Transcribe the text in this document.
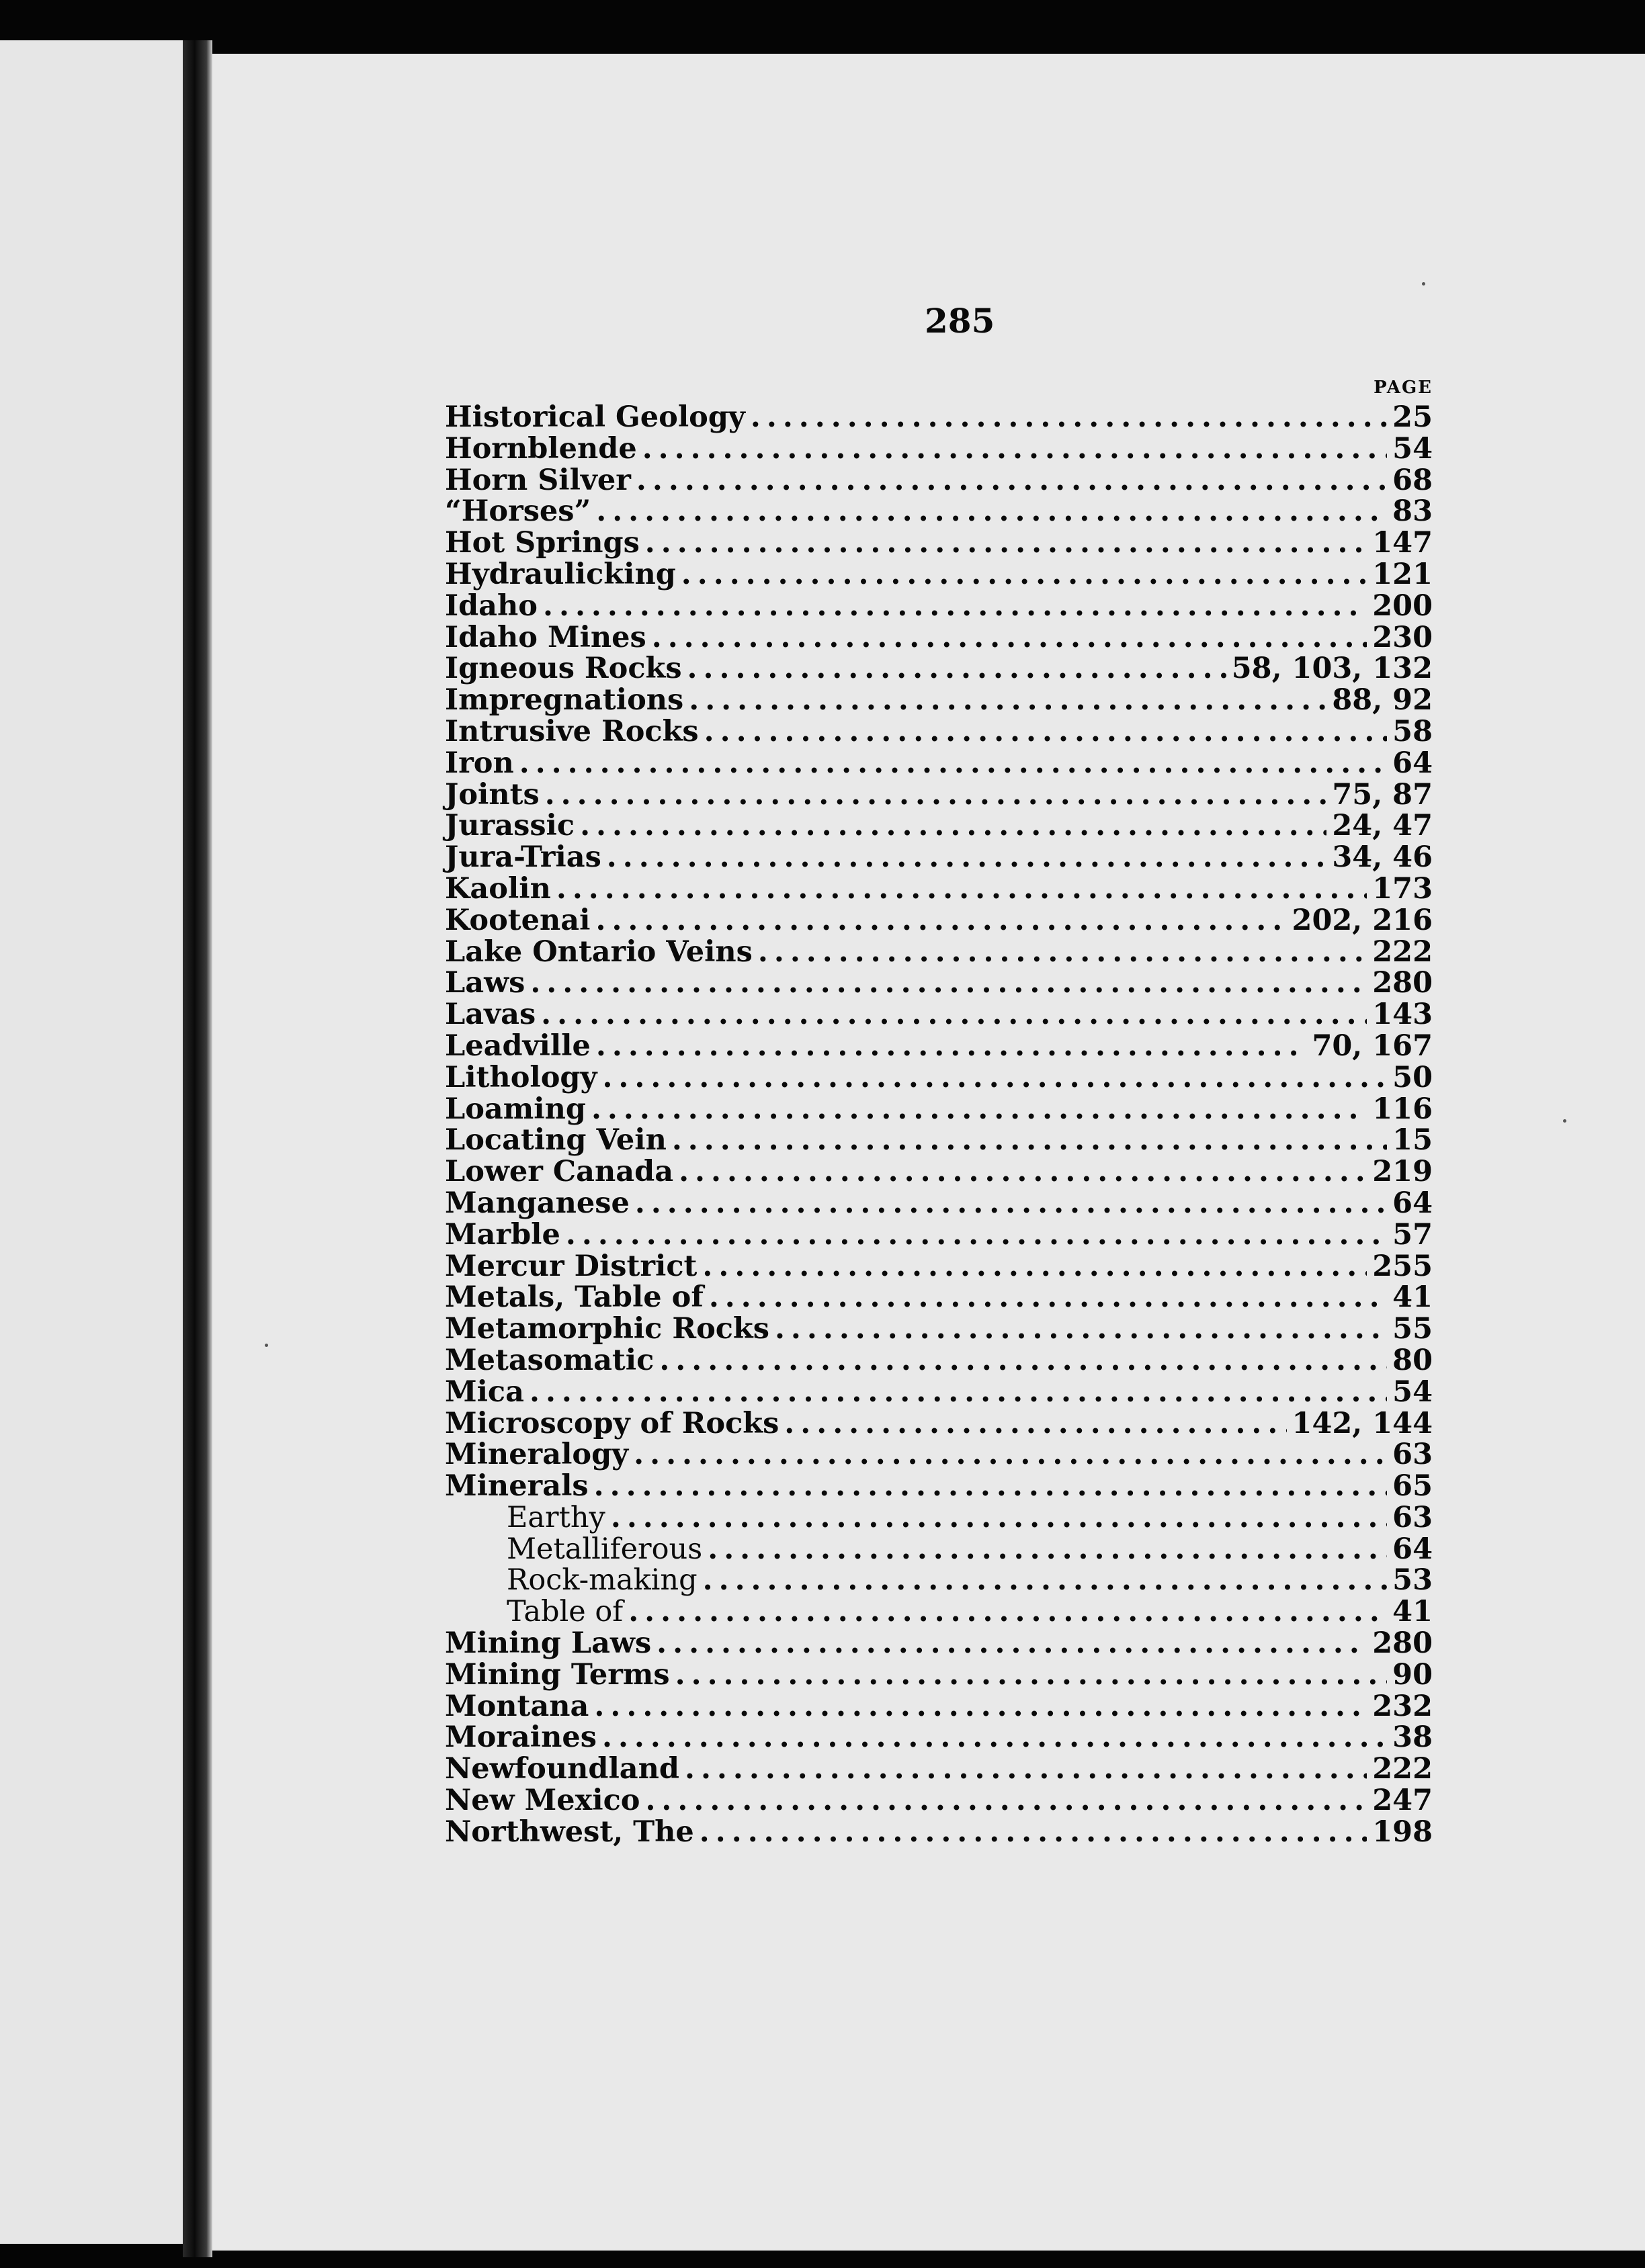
285
PAGE
Historical Geology .....	25
Hornblende .....	54
Horn Silver .....	68
“Horses” .....	83
Hot Springs .....	147
Hydraulicking .....	121
Idaho .....	200
Idaho Mines .....	230
Igneous Rocks .....	58, 103, 132
Impregnations .....	88, 92
Intrusive Rocks .....	58
Iron .....	64
Joints .....	75, 87
Jurassic .....	24, 47
Jura-Trias .....	34, 46
Kaolin .....	173
Kootenai .....	202, 216
Lake Ontario Veins .....	222
Laws .....	280
Lavas .....	143
Leadville .....	70, 167
Lithology .....	50
Loaming .....	116
Locating Vein .....	15
Lower Canada .....	219
Manganese .....	64
Marble .....	57
Mercur District .....	255
Metals, Table of .....	41
Metamorphic Rocks .....	55
Metasomatic .....	80
Mica .....	54
Microscopy of Rocks .....	142, 144
Mineralogy .....	63
Minerals .....	65
Earthy .....	63
Metalliferous .....	64
Rock-making .....	53
Table of .....	41
Mining Laws .....	280
Mining Terms .....	90
Montana .....	232
Moraines .....	38
Newfoundland .....	222
New Mexico .....	247
Northwest, The .....	198
